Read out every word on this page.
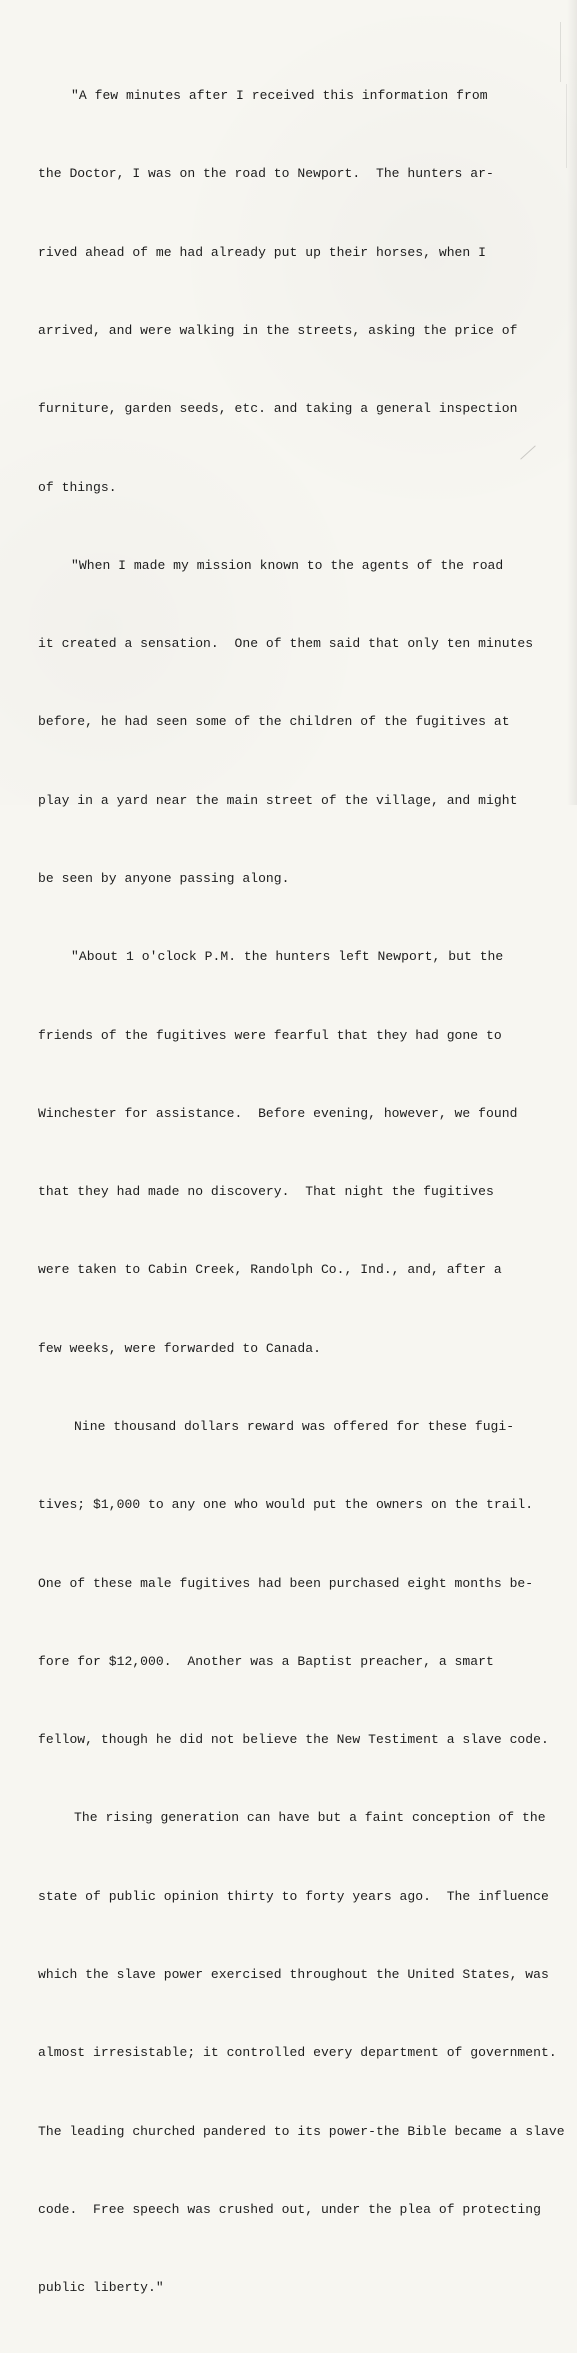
"A few minutes after I received this information from

the Doctor, I was on the road to Newport.  The hunters ar-

rived ahead of me had already put up their horses, when I

arrived, and were walking in the streets, asking the price of

furniture, garden seeds, etc. and taking a general inspection

of things.

"When I made my mission known to the agents of the road

it created a sensation.  One of them said that only ten minutes

before, he had seen some of the children of the fugitives at

play in a yard near the main street of the village, and might

be seen by anyone passing along.

"About 1 o'clock P.M. the hunters left Newport, but the

friends of the fugitives were fearful that they had gone to

Winchester for assistance.  Before evening, however, we found

that they had made no discovery.  That night the fugitives

were taken to Cabin Creek, Randolph Co., Ind., and, after a

few weeks, were forwarded to Canada.

Nine thousand dollars reward was offered for these fugi-

tives; $1,000 to any one who would put the owners on the trail.

One of these male fugitives had been purchased eight months be-

fore for $12,000.  Another was a Baptist preacher, a smart

fellow, though he did not believe the New Testiment a slave code.

The rising generation can have but a faint conception of the

state of public opinion thirty to forty years ago.  The influence

which the slave power exercised throughout the United States, was

almost irresistable; it controlled every department of government.

The leading churched pandered to its power-the Bible became a slave

code.  Free speech was crushed out, under the plea of protecting

public liberty."
